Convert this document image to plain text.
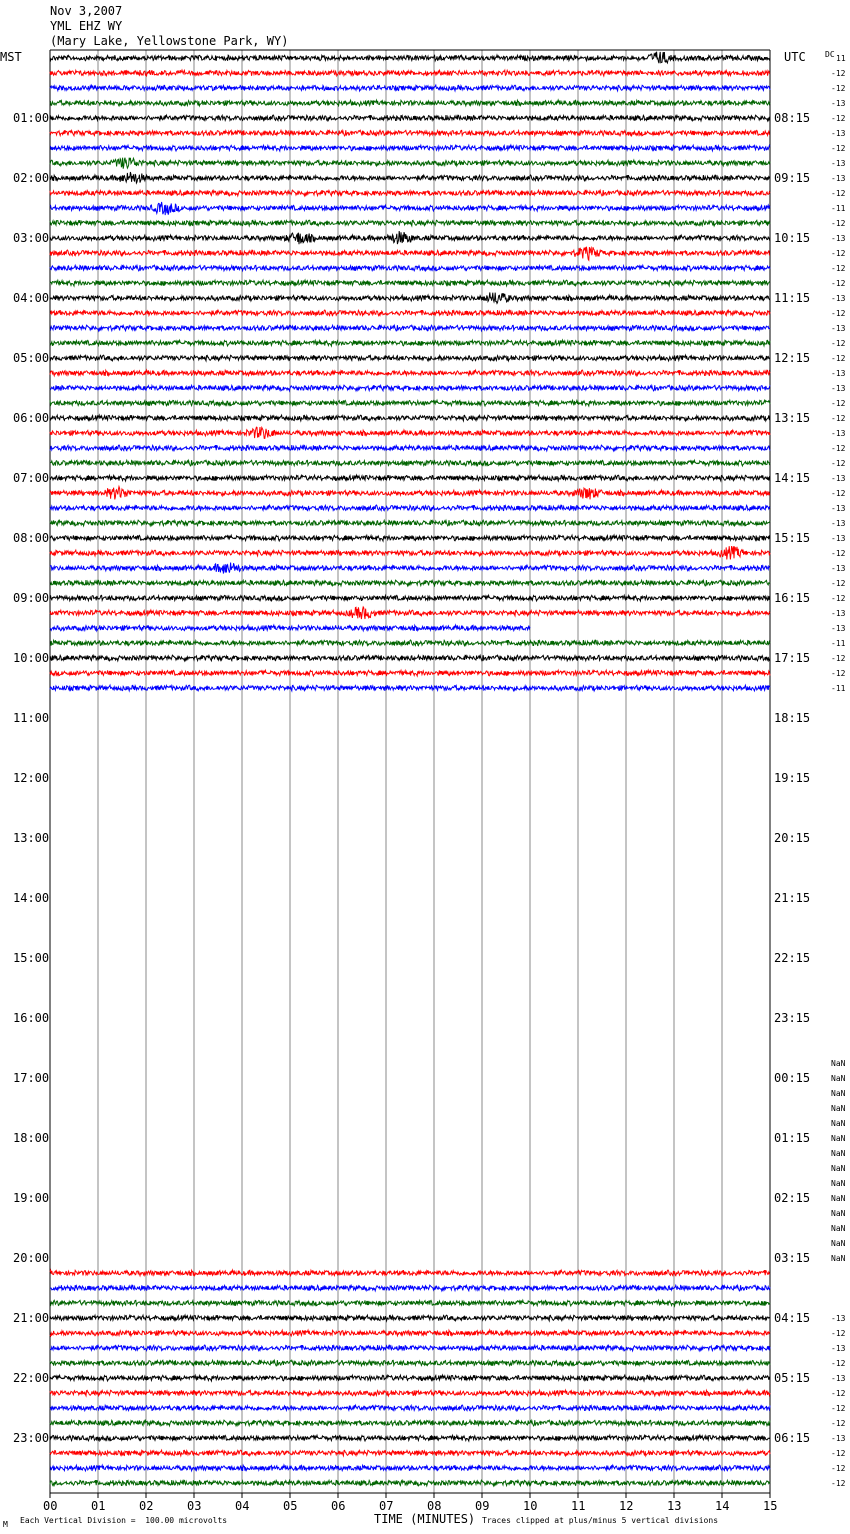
Nov 3,2007
YML EHZ WY
(Mary Lake, Yellowstone Park, WY)
MST	UTC DC
00	01	02	03	04	05	06	07	08	09	10	11	12	13	14	15
01:00	08:15
02:00	09:15
03:00	10:15
04:00	11:15
05:00	12:15
06:00	13:15
07:00	14:15
08:00	15:15
09:00	16:15
10:00	17:15
11:00	18:15
12:00	19:15
13:00	20:15
14:00	21:15
15:00	22:15
16:00	23:15
17:00	00:15
18:00	01:15
19:00	02:15
20:00	03:15
21:00	04:15
22:00	05:15
23:00	06:15
11
-12
-12
-13
-12
-13
-12
-13
-13
-12
-11
-12
-13
-12
-12
-12
-13
-12
-13
-12
-12
-13
-13
-12
-12
-13
-12
-12
-13
-12
-13
-13
-13
-12
-13
-12
-12
-13
-13
-11
-12
-12
-11
NaN
NaN
NaN
NaN
NaN
NaN
NaN
NaN
NaN
NaN
NaN
NaN
NaN
NaN
-13
-12
-13
-12
-13
-12
-12
-12
-13
-12
-12
-12
M Each Vertical Division =  100.00 microvolts	TIME (MINUTES) Traces clipped at plus/minus 5 vertical divisions
